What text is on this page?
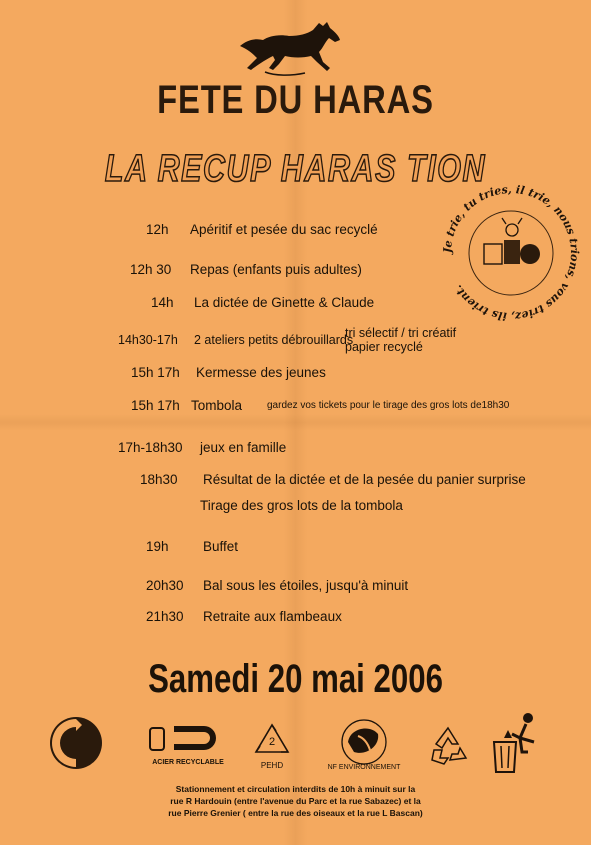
FETE DU HARAS
LA RECUP HARAS TION
12h Apéritif et pesée du sac recyclé
12h 30 Repas (enfants puis adultes)
14h La dictée de Ginette & Claude
14h30-17h 2 ateliers petits débrouillards
tri sélectif / tri créatif
papier recyclé
15h 17h Kermesse des jeunes
15h 17h Tombola gardez vos tickets pour le tirage des gros lots de18h30
17h-18h30 jeux en famille
18h30 Résultat de la dictée et de la pesée du panier surprise
Tirage des gros lots de la tombola
19h	Buffet
20h30 Bal sous les étoiles, jusqu'à minuit
21h30 Retraite aux flambeaux
Je trie, tu tries, il trie, nous trions, vous triez, ils trient.
Samedi 20 mai 2006
ACIER RECYCLABLE
2
PEHD	NF ENVIRONNEMENT
Stationnement et circulation interdits de 10h à minuit sur la
rue R Hardouin (entre l'avenue du Parc et la rue Sabazec) et la
rue Pierre Grenier ( entre la rue des oiseaux et la rue L Bascan)
